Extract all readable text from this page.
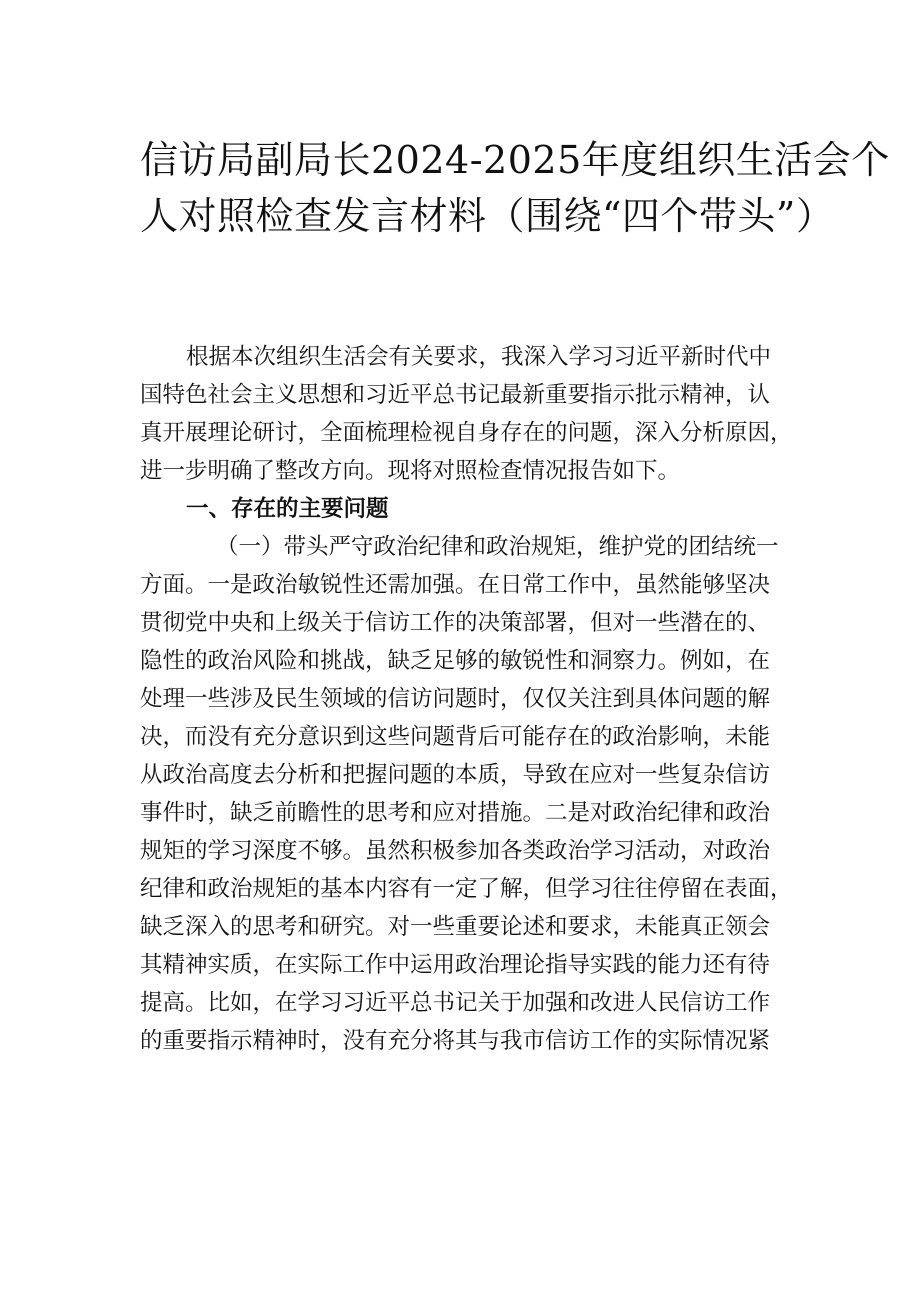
信访局副局长2024-2025年度组织生活会个
人对照检查发言材料（围绕“四个带头”）
根据本次组织生活会有关要求，我深入学习习近平新时代中
国特色社会主义思想和习近平总书记最新重要指示批示精神，认
真开展理论研讨，全面梳理检视自身存在的问题，深入分析原因，
进一步明确了整改方向。现将对照检查情况报告如下。
一、存在的主要问题
（一）带头严守政治纪律和政治规矩，维护党的团结统一
方面。一是政治敏锐性还需加强。在日常工作中，虽然能够坚决
贯彻党中央和上级关于信访工作的决策部署，但对一些潜在的、
隐性的政治风险和挑战，缺乏足够的敏锐性和洞察力。例如，在
处理一些涉及民生领域的信访问题时，仅仅关注到具体问题的解
决，而没有充分意识到这些问题背后可能存在的政治影响，未能
从政治高度去分析和把握问题的本质，导致在应对一些复杂信访
事件时，缺乏前瞻性的思考和应对措施。二是对政治纪律和政治
规矩的学习深度不够。虽然积极参加各类政治学习活动，对政治
纪律和政治规矩的基本内容有一定了解，但学习往往停留在表面，
缺乏深入的思考和研究。对一些重要论述和要求，未能真正领会
其精神实质，在实际工作中运用政治理论指导实践的能力还有待
提高。比如，在学习习近平总书记关于加强和改进人民信访工作
的重要指示精神时，没有充分将其与我市信访工作的实际情况紧
